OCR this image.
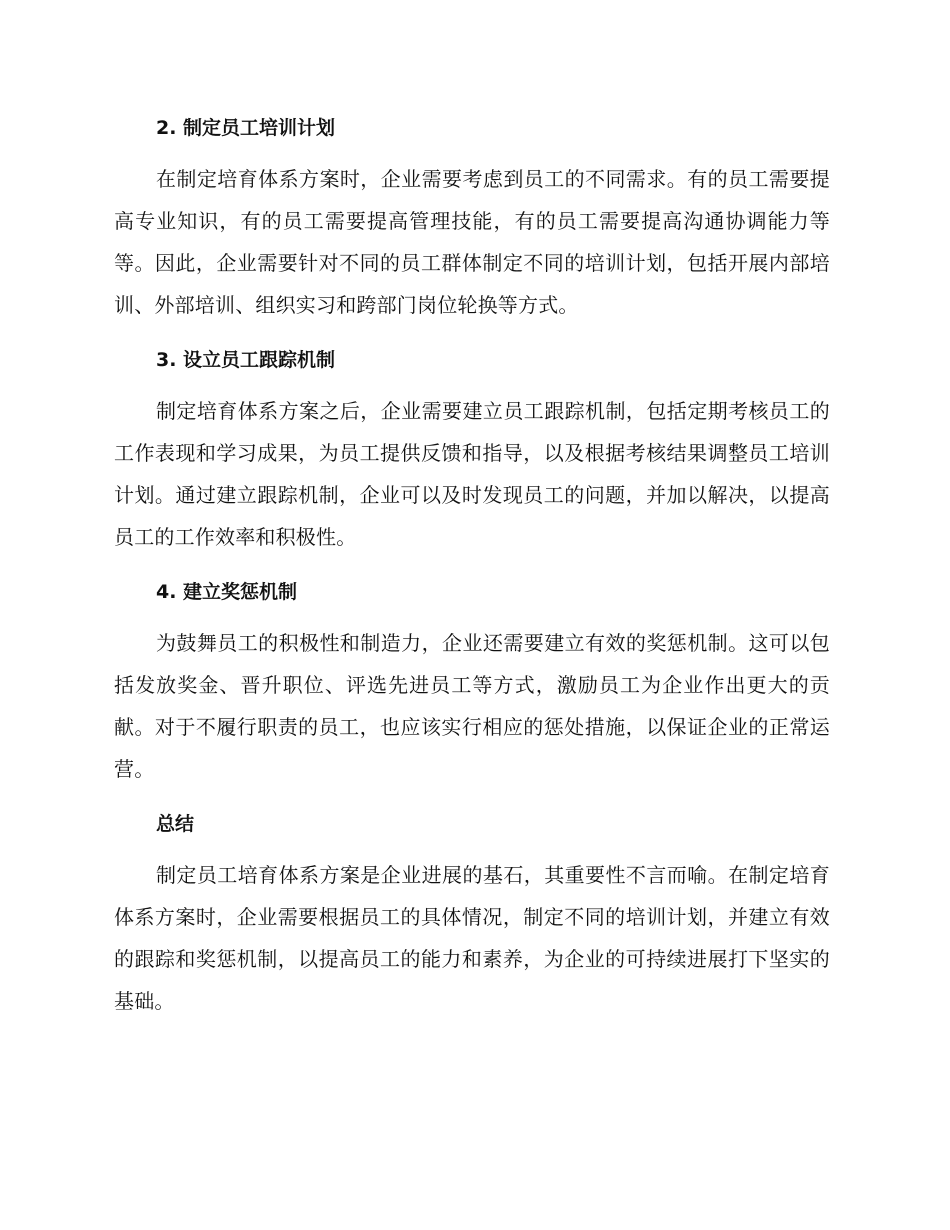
2. 制定员工培训计划

在制定培育体系方案时，企业需要考虑到员工的不同需求。有的员工需要提高专业知识，有的员工需要提高管理技能，有的员工需要提高沟通协调能力等等。因此，企业需要针对不同的员工群体制定不同的培训计划，包括开展内部培训、外部培训、组织实习和跨部门岗位轮换等方式。

3. 设立员工跟踪机制

制定培育体系方案之后，企业需要建立员工跟踪机制，包括定期考核员工的工作表现和学习成果，为员工提供反馈和指导，以及根据考核结果调整员工培训计划。通过建立跟踪机制，企业可以及时发现员工的问题，并加以解决，以提高员工的工作效率和积极性。

4. 建立奖惩机制

为鼓舞员工的积极性和制造力，企业还需要建立有效的奖惩机制。这可以包括发放奖金、晋升职位、评选先进员工等方式，激励员工为企业作出更大的贡献。对于不履行职责的员工，也应该实行相应的惩处措施，以保证企业的正常运营。

总结

制定员工培育体系方案是企业进展的基石，其重要性不言而喻。在制定培育体系方案时，企业需要根据员工的具体情况，制定不同的培训计划，并建立有效的跟踪和奖惩机制，以提高员工的能力和素养，为企业的可持续进展打下坚实的基础。
